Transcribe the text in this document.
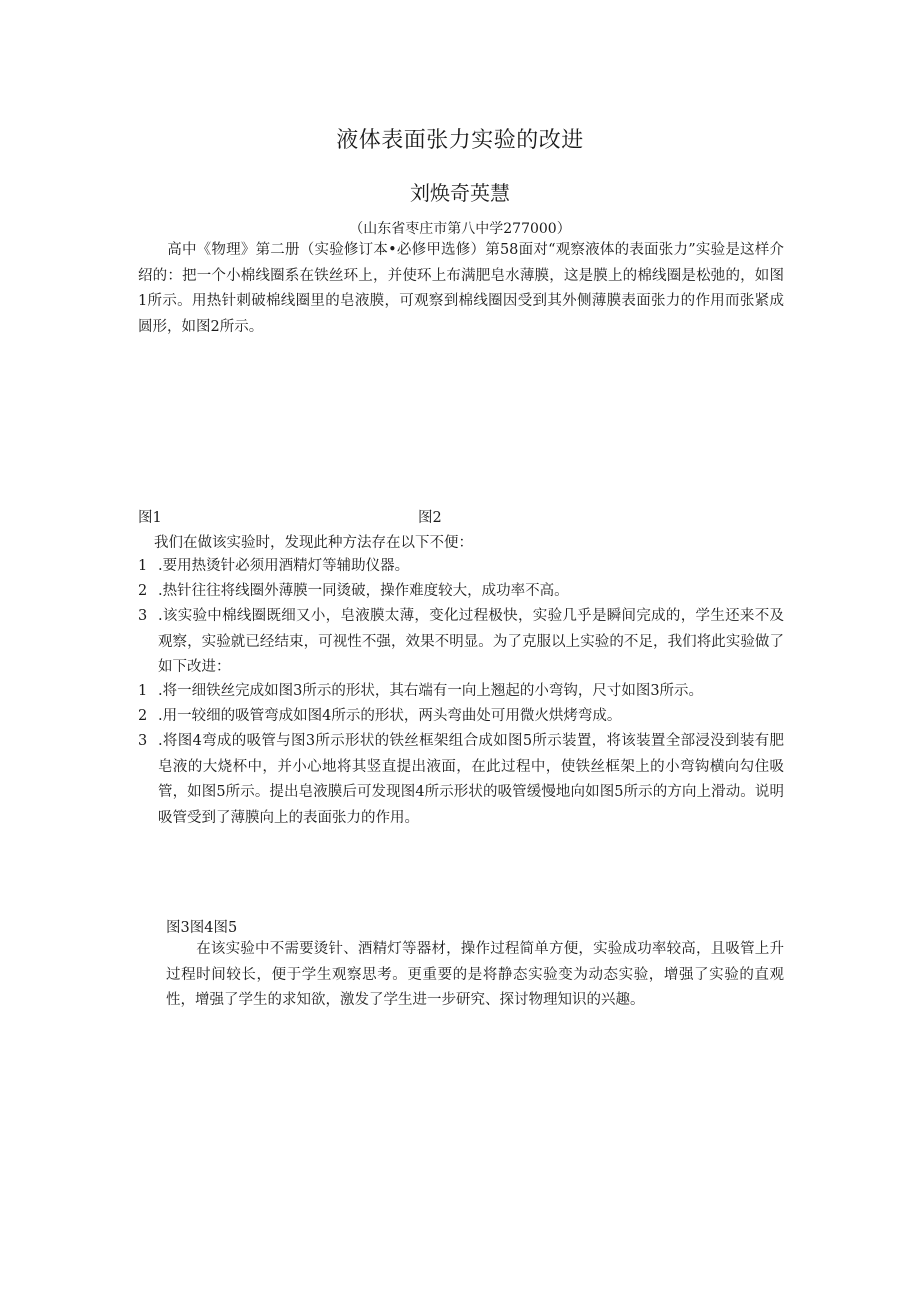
液体表面张力实验的改进
刘焕奇英慧
（山东省枣庄市第八中学277000）
高中《物理》第二册（实验修订本•必修甲选修）第58面对“观察液体的表面张力”实验是这样介绍的：把一个小棉线圈系在铁丝环上，并使环上布满肥皂水薄膜，这是膜上的棉线圈是松弛的，如图1所示。用热针刺破棉线圈里的皂液膜，可观察到棉线圈因受到其外侧薄膜表面张力的作用而张紧成圆形，如图2所示。
图1	图2
我们在做该实验时，发现此种方法存在以下不便：
1 .要用热烫针必须用酒精灯等辅助仪器。
2 .热针往往将线圈外薄膜一同烫破，操作难度较大，成功率不高。
3 .该实验中棉线圈既细又小，皂液膜太薄，变化过程极快，实验几乎是瞬间完成的，学生还来不及观察，实验就已经结束，可视性不强，效果不明显。为了克服以上实验的不足，我们将此实验做了如下改进：
1 .将一细铁丝完成如图3所示的形状，其右端有一向上翘起的小弯钩，尺寸如图3所示。
2 .用一较细的吸管弯成如图4所示的形状，两头弯曲处可用微火烘烤弯成。
3 .将图4弯成的吸管与图3所示形状的铁丝框架组合成如图5所示装置，将该装置全部浸没到装有肥皂液的大烧杯中，并小心地将其竖直提出液面，在此过程中，使铁丝框架上的小弯钩横向勾住吸管，如图5所示。提出皂液膜后可发现图4所示形状的吸管缓慢地向如图5所示的方向上滑动。说明吸管受到了薄膜向上的表面张力的作用。
图3图4图5
在该实验中不需要烫针、酒精灯等器材，操作过程简单方便，实验成功率较高，且吸管上升过程时间较长，便于学生观察思考。更重要的是将静态实验变为动态实验，增强了实验的直观性，增强了学生的求知欲，激发了学生进一步研究、探讨物理知识的兴趣。
